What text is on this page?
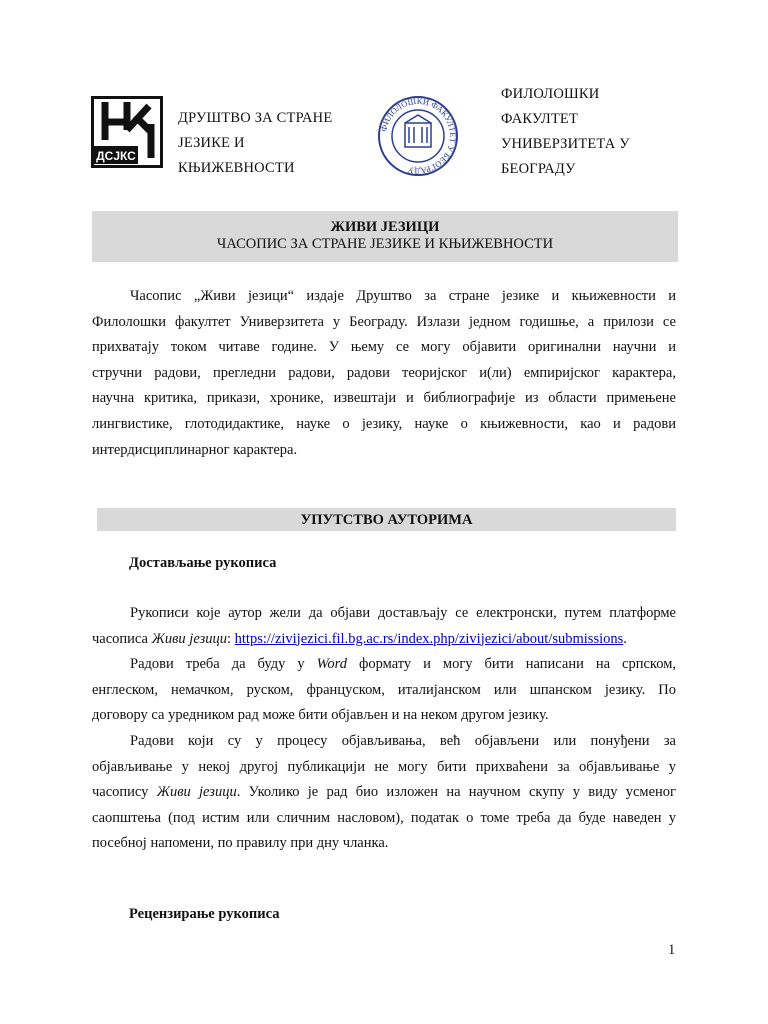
ДСЈКС
ДРУШТВО ЗА СТРАНЕ
ЈЕЗИКЕ И
КЊИЖЕВНОСТИ
ФИЛОЛОШКИ ФАКУЛТЕТ У БЕОГРАДУ
ФИЛОЛОШКИ
ФАКУЛТЕТ
УНИВЕРЗИТЕТА У
БЕОГРАДУ
ЖИВИ ЈЕЗИЦИ
ЧАСОПИС ЗА СТРАНЕ ЈЕЗИКЕ И КЊИЖЕВНОСТИ
Часопис „Живи језици“ издаје Друштво за стране језике и књижевности и
Филолошки факултет Универзитета у Београду. Излази једном годишње, а прилози се
прихватају током читаве године. У њему се могу објавити оригинални научни и
стручни радови, прегледни радови, радови теоријског и(ли) емпиријског карактера,
научна критика, прикази, хронике, извештаји и библиографије из области примењене
лингвистике, глотодидактике, науке о језику, науке о књижевности, као и радови
интердисциплинарног карактера.
УПУТСТВО АУТОРИМА
Достављање рукописа
Рукописи које аутор жели да објави достављају се електронски, путем платформе
часописа Живи језици: https://zivijezici.fil.bg.ac.rs/index.php/zivijezici/about/submissions.
Радови треба да буду у Word формату и могу бити написани на српском,
енглеском, немачком, руском, француском, италијанском или шпанском језику. По
договору са уредником рад може бити објављен и на неком другом језику.
Радови који су у процесу објављивања, већ објављени или понуђени за
објављивање у некој другој публикацији не могу бити прихваћени за објављивање у
часопису Живи језици. Уколико је рад био изложен на научном скупу у виду усменог
саопштења (под истим или сличним насловом), податак о томе треба да буде наведен у
посебној напомени, по правилу при дну чланка.
Рецензирање рукописа
1
